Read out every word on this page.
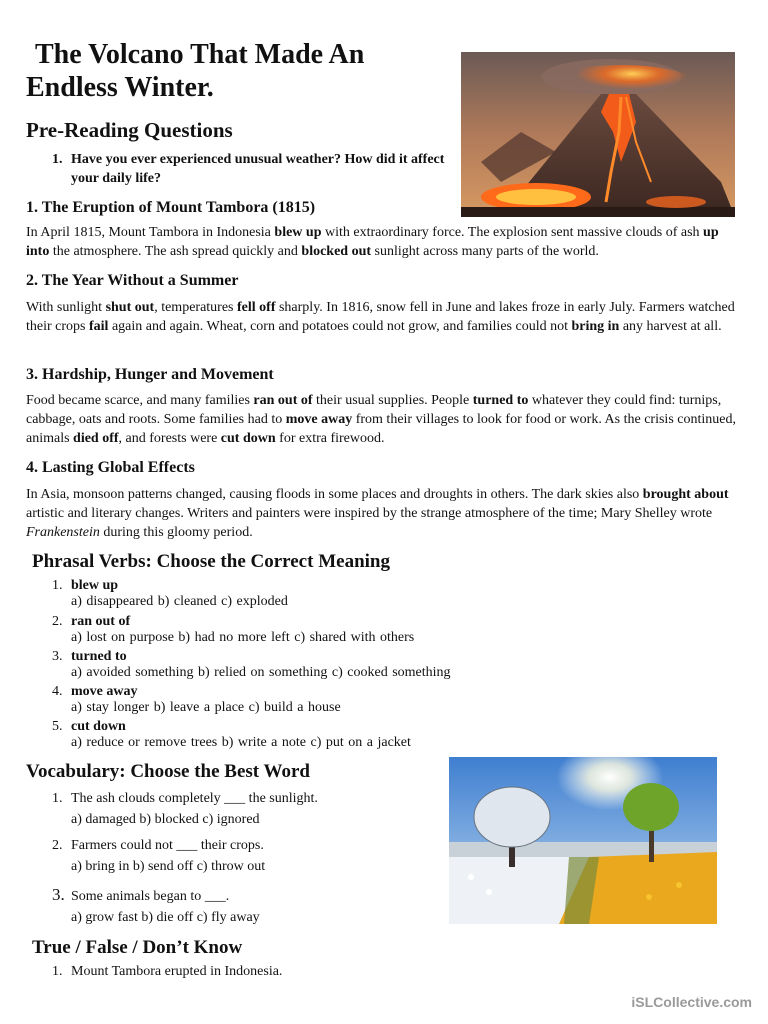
The Volcano That Made An
Endless Winter.
Pre-Reading Questions
1. Have you ever experienced unusual weather? How did it affect your daily life?
1. The Eruption of Mount Tambora (1815)
In April 1815, Mount Tambora in Indonesia blew up with extraordinary force. The explosion sent massive clouds of ash up into the atmosphere. The ash spread quickly and blocked out sunlight across many parts of the world.
2. The Year Without a Summer
With sunlight shut out, temperatures fell off sharply. In 1816, snow fell in June and lakes froze in early July. Farmers watched their crops fail again and again. Wheat, corn and potatoes could not grow, and families could not bring in any harvest at all.
3. Hardship, Hunger and Movement
Food became scarce, and many families ran out of their usual supplies. People turned to whatever they could find: turnips, cabbage, oats and roots. Some families had to move away from their villages to look for food or work. As the crisis continued, animals died off, and forests were cut down for extra firewood.
4. Lasting Global Effects
In Asia, monsoon patterns changed, causing floods in some places and droughts in others. The dark skies also brought about artistic and literary changes. Writers and painters were inspired by the strange atmosphere of the time; Mary Shelley wrote Frankenstein during this gloomy period.
Phrasal Verbs: Choose the Correct Meaning
1. blew up
a) disappeared b) cleaned c) exploded
2. ran out of
a) lost on purpose b) had no more left c) shared with others
3. turned to
a) avoided something b) relied on something c) cooked something
4. move away
a) stay longer b) leave a place c) build a house
5. cut down
a) reduce or remove trees b) write a note c) put on a jacket
Vocabulary: Choose the Best Word
1. The ash clouds completely ___ the sunlight.
a) damaged b) blocked c) ignored
2. Farmers could not ___ their crops.
a) bring in b) send off c) throw out
3. Some animals began to ___.
a) grow fast b) die off c) fly away
True / False / Don’t Know
1. Mount Tambora erupted in Indonesia.
iSLCollective.com
